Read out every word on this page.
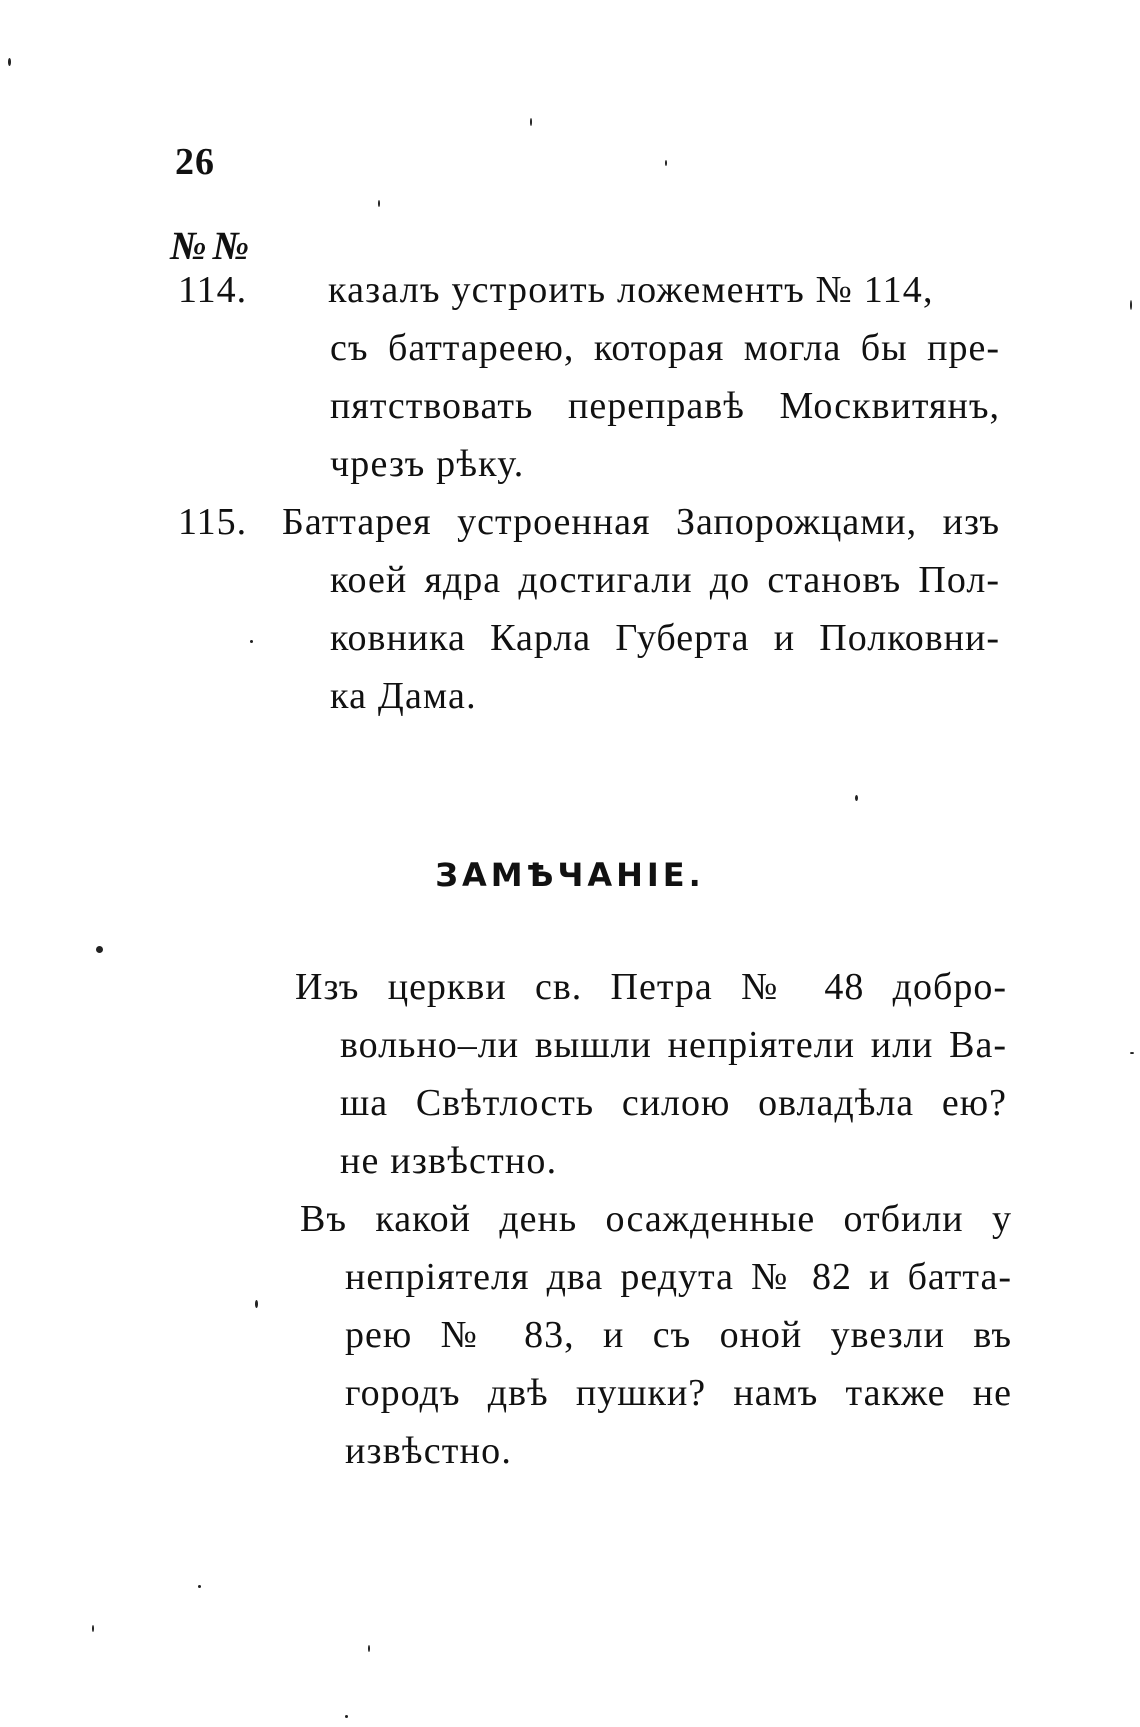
26
№ №
114. казалъ устроить ложементъ № 114,
съ баттареею, которая могла бы пре-
пятствовать переправѣ Москвитянъ,
чрезъ рѣку.
115. Баттарея устроенная Запорожцами, изъ
коей ядра достигали до становъ Пол-
ковника Карла Губерта и Полковни-
ка Дама.
ЗАМѢЧАНІЕ.
Изъ церкви св. Петра № 48 добро-
вольно–ли вышли непріятели или Ва-
ша Свѣтлость силою овладѣла ею?
не извѣстно.
Въ какой день осажденные отбили у
непріятеля два редута № 82 и батта-
рею № 83, и съ оной увезли въ
городъ двѣ пушки? намъ также не
извѣстно.
